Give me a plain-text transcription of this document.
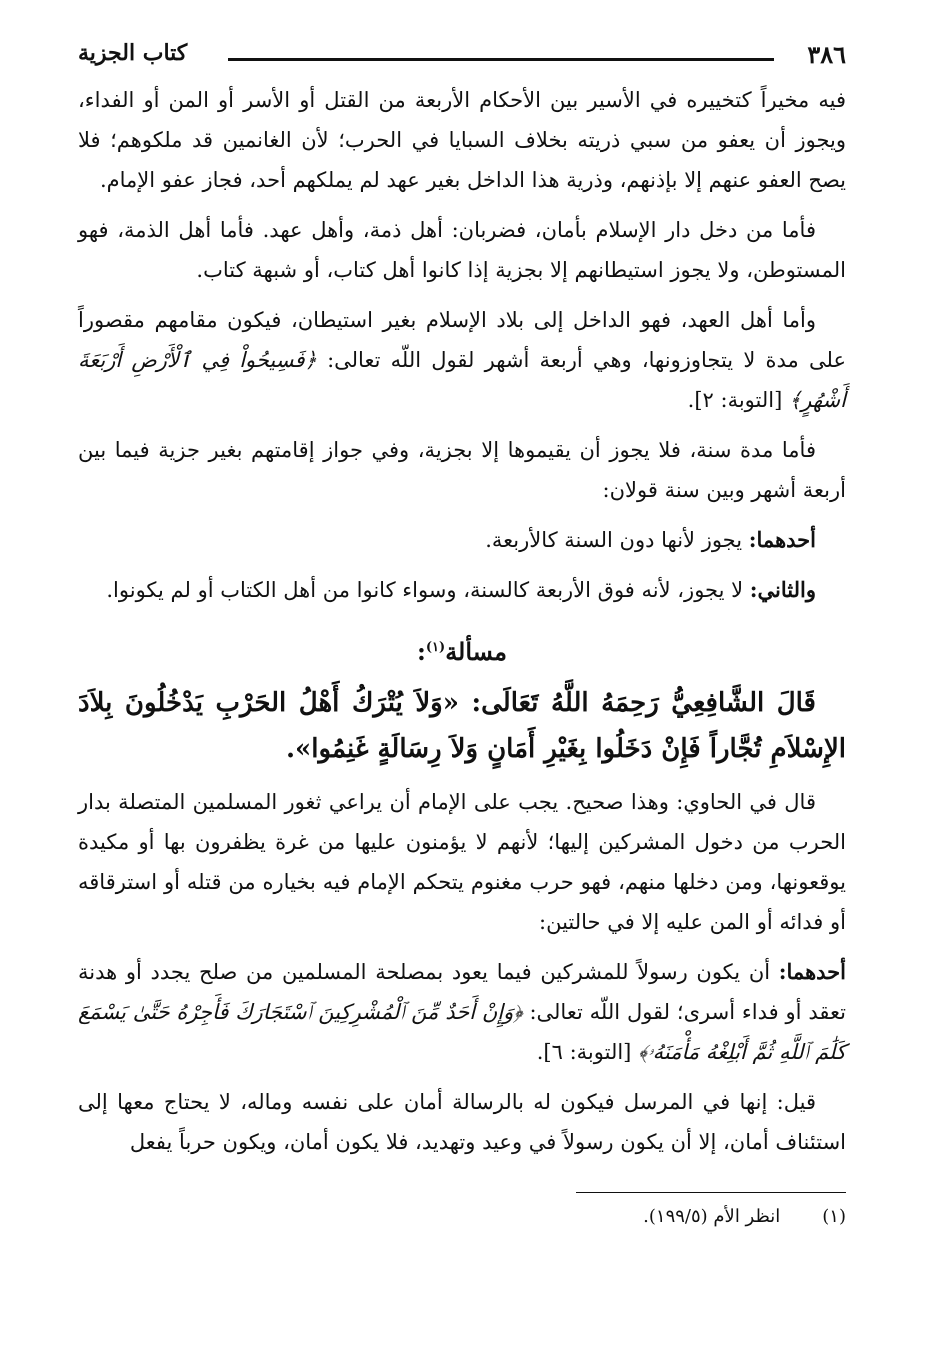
٣٨٦
كتاب الجزية

فيه مخيراً كتخييره في الأسير بين الأحكام الأربعة من القتل أو الأسر أو المن أو الفداء، ويجوز أن يعفو من سبي ذريته بخلاف السبايا في الحرب؛ لأن الغانمين قد ملكوهم؛ فلا يصح العفو عنهم إلا بإذنهم، وذرية هذا الداخل بغير عهد لم يملكهم أحد، فجاز عفو الإمام.

فأما من دخل دار الإسلام بأمان، فضربان: أهل ذمة، وأهل عهد. فأما أهل الذمة، فهو المستوطن، ولا يجوز استيطانهم إلا بجزية إذا كانوا أهل كتاب، أو شبهة كتاب.

وأما أهل العهد، فهو الداخل إلى بلاد الإسلام بغير استيطان، فيكون مقامهم مقصوراً على مدة لا يتجاوزونها، وهي أربعة أشهر لقول اللّه تعالى: ﴿فَسِيحُواْ فِي ٱلْأَرْضِ أَرْبَعَةَ أَشْهُرٍ﴾ [التوبة: ٢].

فأما مدة سنة، فلا يجوز أن يقيموها إلا بجزية، وفي جواز إقامتهم بغير جزية فيما بين أربعة أشهر وبين سنة قولان:

أحدهما: يجوز لأنها دون السنة كالأربعة.

والثاني: لا يجوز، لأنه فوق الأربعة كالسنة، وسواء كانوا من أهل الكتاب أو لم يكونوا.

مسألة$^{(١)}$:

قَالَ الشَّافِعِيُّ رَحِمَهُ اللَّهُ تَعَالَى: «وَلاَ يُتْرَكُ أَهْلُ الحَرْبِ يَدْخُلُونَ بِلاَدَ الإِسْلاَمِ تُجَّاراً فَإِنْ دَخَلُوا بِغَيْرِ أَمَانٍ وَلاَ رِسَالَةٍ غَنِمُوا».

قال في الحاوي: وهذا صحيح. يجب على الإمام أن يراعي ثغور المسلمين المتصلة بدار الحرب من دخول المشركين إليها؛ لأنهم لا يؤمنون عليها من غرة يظفرون بها أو مكيدة يوقعونها، ومن دخلها منهم، فهو حرب مغنوم يتحكم الإمام فيه بخياره من قتله أو استرقاقه أو فدائه أو المن عليه إلا في حالتين:

أحدهما: أن يكون رسولاً للمشركين فيما يعود بمصلحة المسلمين من صلح يجدد أو هدنة تعقد أو فداء أسرى؛ لقول اللّه تعالى: ﴿وَإِنْ أَحَدٌ مِّنَ ٱلْمُشْرِكِينَ ٱسْتَجَارَكَ فَأَجِرْهُ حَتَّىٰ يَسْمَعَ كَلَٰمَ ٱللَّهِ ثُمَّ أَبْلِغْهُ مَأْمَنَهُۥ﴾ [التوبة: ٦].

قيل: إنها في المرسل فيكون له بالرسالة أمان على نفسه وماله، لا يحتاج معها إلى استئناف أمان، إلا أن يكون رسولاً في وعيد وتهديد، فلا يكون أمان، ويكون حرباً يفعل

(١) انظر الأم (١٩٩/٥).
